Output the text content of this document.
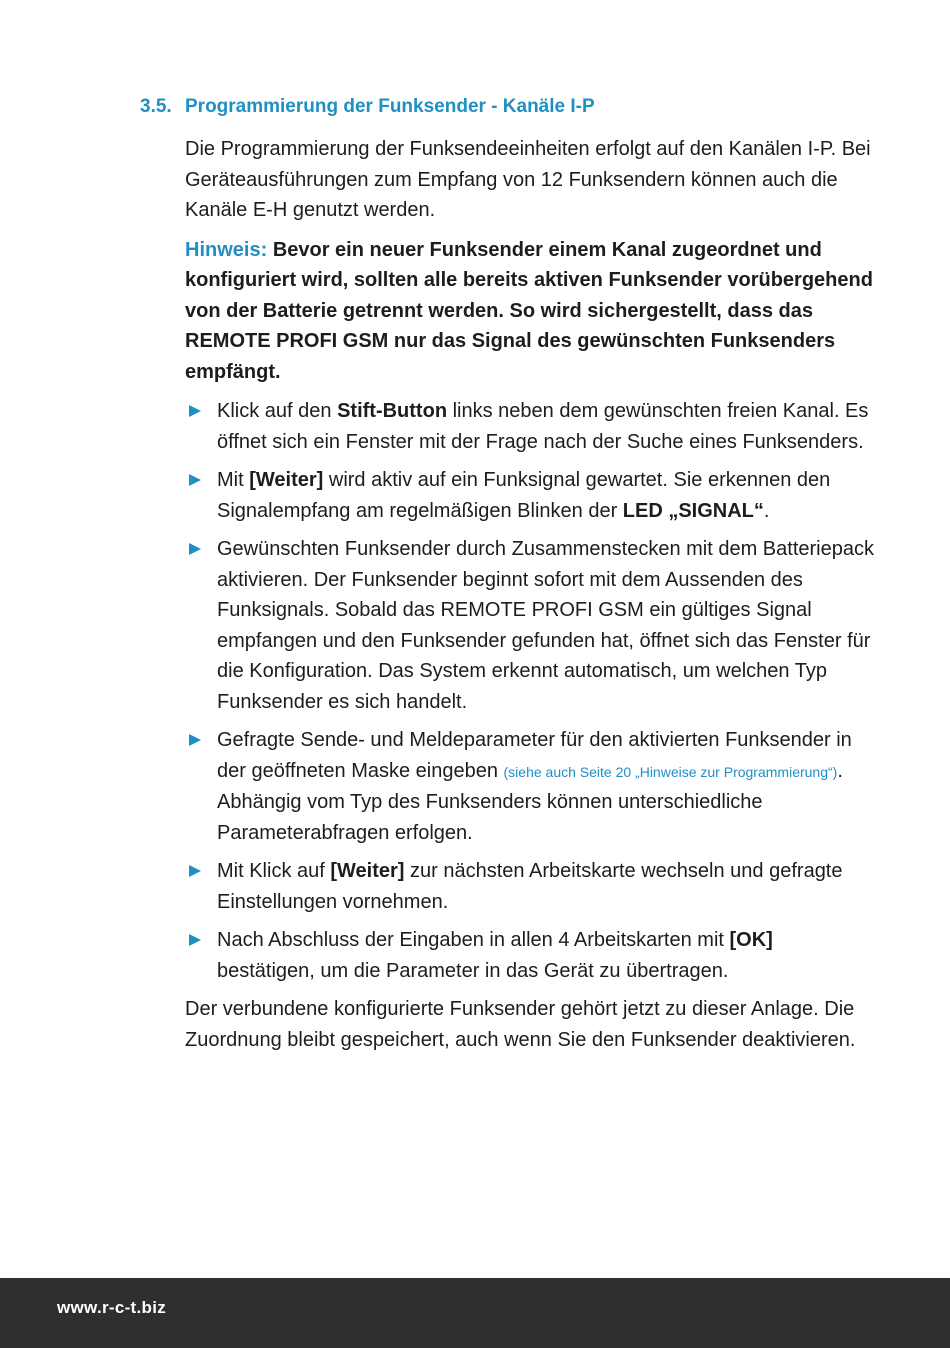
3.5. Programmierung der Funksender - Kanäle I-P

Die Programmierung der Funksendeeinheiten erfolgt auf den Kanälen I-P. Bei Geräteausführungen zum Empfang von 12 Funksendern können auch die Kanäle E-H genutzt werden.

Hinweis: Bevor ein neuer Funksender einem Kanal zugeordnet und konfiguriert wird, sollten alle bereits aktiven Funksender vorübergehend von der Batterie getrennt werden. So wird sichergestellt, dass das REMOTE PROFI GSM nur das Signal des gewünschten Funksenders empfängt.

Klick auf den Stift-Button links neben dem gewünschten freien Kanal. Es öffnet sich ein Fenster mit der Frage nach der Suche eines Funksenders.
Mit [Weiter] wird aktiv auf ein Funksignal gewartet. Sie erkennen den Signalempfang am regelmäßigen Blinken der LED „SIGNAL“.
Gewünschten Funksender durch Zusammenstecken mit dem Batteriepack aktivieren. Der Funksender beginnt sofort mit dem Aussenden des Funksignals. Sobald das REMOTE PROFI GSM ein gültiges Signal empfangen und den Funksender gefunden hat, öffnet sich das Fenster für die Konfiguration. Das System erkennt automatisch, um welchen Typ Funksender es sich handelt.
Gefragte Sende- und Meldeparameter für den aktivierten Funksender in der geöffneten Maske eingeben (siehe auch Seite 20 „Hinweise zur Programmierung“). Abhängig vom Typ des Funksenders können unterschiedliche Parameterabfragen erfolgen.
Mit Klick auf [Weiter] zur nächsten Arbeitskarte wechseln und gefragte Einstellungen vornehmen.
Nach Abschluss der Eingaben in allen 4 Arbeitskarten mit [OK] bestätigen, um die Parameter in das Gerät zu übertragen.

Der verbundene konfigurierte Funksender gehört jetzt zu dieser Anlage. Die Zuordnung bleibt gespeichert, auch wenn Sie den Funksender deaktivieren.

www.r-c-t.biz
